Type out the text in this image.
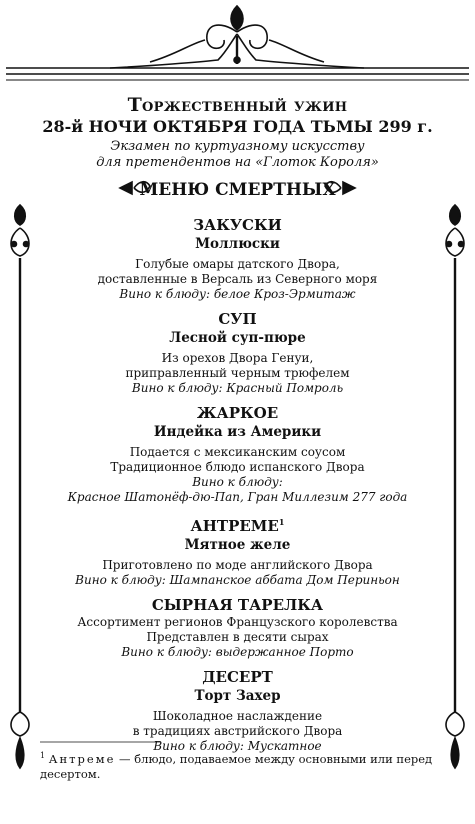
Торжественный ужин
28-й НОЧИ ОКТЯБРЯ ГОДА ТЬМЫ 299 г.
Экзамен по куртуазному искусству
для претендентов на «Глоток Короля»
МЕНЮ СМЕРТНЫХ
ЗАКУСКИ
Моллюски
Голубые омары датского Двора,
доставленные в Версаль из Северного моря
Вино к блюду: белое Кроз-Эрмитаж
СУП
Лесной суп-пюре
Из орехов Двора Генуи,
приправленный черным трюфелем
Вино к блюду: Красный Помроль
ЖАРКОЕ
Индейка из Америки
Подается с мексиканским соусом
Традиционное блюдо испанского Двора
Вино к блюду:
Красное Шатонёф-дю-Пап, Гран Миллезим 277 года
АНТРЕМЕ$^1$
Мятное желе
Приготовлено по моде английского Двора
Вино к блюду: Шампанское аббата Дом Периньон
СЫРНАЯ ТАРЕЛКА
Ассортимент регионов Французского королевства
Представлен в десяти сырах
Вино к блюду: выдержанное Порто
ДЕСЕРТ
Торт Захер
Шоколадное наслаждение
в традициях австрийского Двора
Вино к блюду: Мускатное
$^1$ Антреме — блюдо, подаваемое между основными или перед
десертом.
